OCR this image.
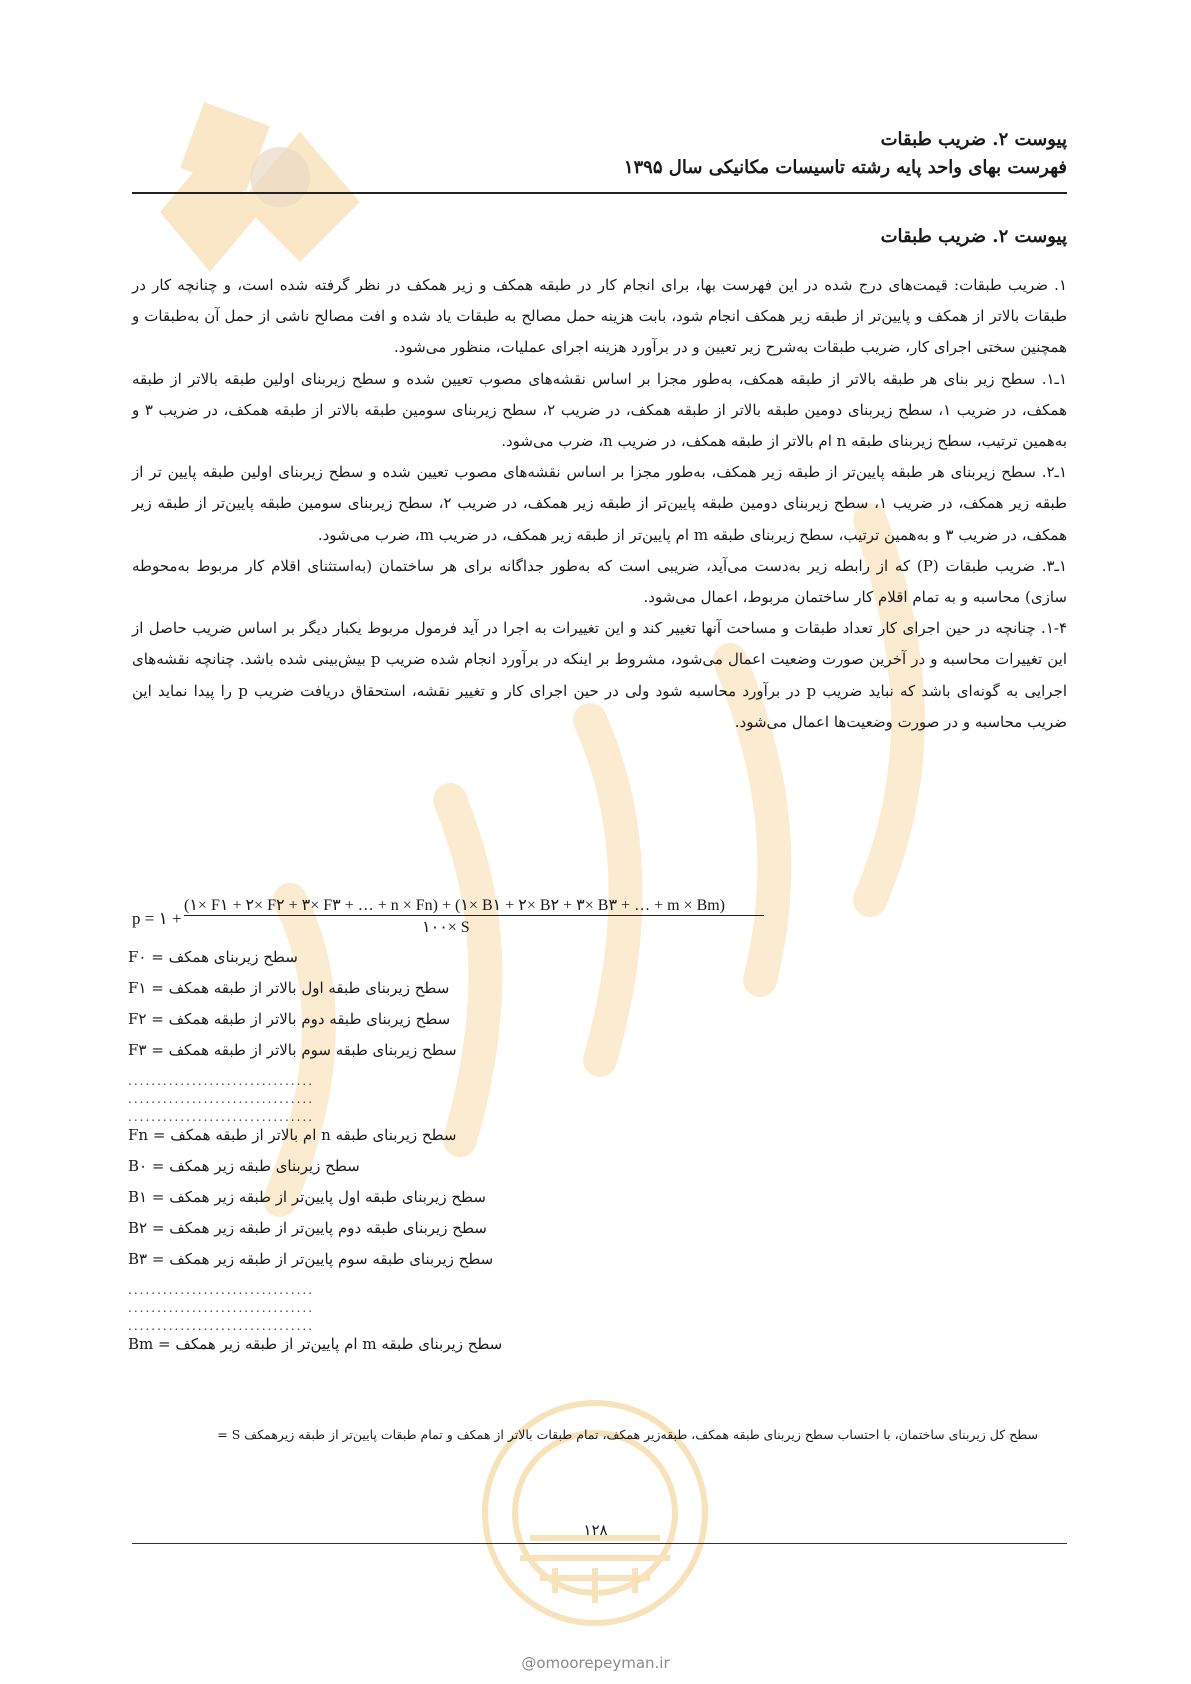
پیوست ۲. ضریب طبقات
فهرست بهای واحد پایه رشته تاسیسات مکانیکی سال ۱۳۹۵
پیوست ۲. ضریب طبقات

۱. ضریب طبقات: قیمت‌های درج شده در این فهرست بها، برای انجام کار در طبقه همکف و زیر همکف در نظر گرفته شده است، و چنانچه کار در طبقات بالاتر از همکف و پایین‌تر از طبقه زیر همکف انجام شود، بابت هزینه حمل مصالح به طبقات یاد شده و افت مصالح ناشی از حمل آن به‌طبقات و همچنین سختی اجرای کار، ضریب طبقات به‌شرح زیر تعیین و در برآورد هزینه اجرای عملیات، منظور می‌شود.

۱ـ۱. سطح زیر بنای هر طبقه بالاتر از طبقه همکف، به‌طور مجزا بر اساس نقشه‌های مصوب تعیین شده و سطح زیربنای اولین طبقه بالاتر از طبقه همکف، در ضریب ۱، سطح زیربنای دومین طبقه بالاتر از طبقه همکف، در ضریب ۲، سطح زیربنای سومین طبقه بالاتر از طبقه همکف، در ضریب ۳ و به‌همین ترتیب، سطح زیربنای طبقه n ام بالاتر از طبقه همکف، در ضریب n، ضرب می‌شود.

۱ـ۲. سطح زیربنای هر طبقه پایین‌تر از طبقه زیر همکف، به‌طور مجزا بر اساس نقشه‌های مصوب تعیین شده و سطح زیربنای اولین طبقه پایین تر از طبقه زیر همکف، در ضریب ۱، سطح زیربنای دومین طبقه پایین‌تر از طبقه زیر همکف، در ضریب ۲، سطح زیربنای سومین طبقه پایین‌تر از طبقه زیر همکف، در ضریب ۳ و به‌همین ترتیب، سطح زیربنای طبقه m ام پایین‌تر از طبقه زیر همکف، در ضریب m، ضرب می‌شود.

۱ـ۳. ضریب طبقات (P) که از رابطه زیر به‌دست می‌آید، ضریبی است که به‌طور جداگانه برای هر ساختمان (به‌استثنای اقلام کار مربوط به‌محوطه سازی) محاسبه و به تمام اقلام کار ساختمان مربوط، اعمال می‌شود.

۱-۴. چنانچه در حین اجرای کار تعداد طبقات و مساحت آنها تغییر کند و این تغییرات به اجرا در آید فرمول مربوط یکبار دیگر بر اساس ضریب حاصل از این تغییرات محاسبه و در آخرین صورت وضعیت اعمال می‌شود، مشروط بر اینکه در برآورد انجام شده ضریب p بیش‌بینی شده باشد. چنانچه نقشه‌های اجرایی به گونه‌ای باشد که نباید ضریب p در برآورد محاسبه شود ولی در حین اجرای کار و تغییر نقشه، استحقاق دریافت ضریب p را پیدا نماید این ضریب محاسبه و در صورت وضعیت‌ها اعمال می‌شود.

p = ۱ +
(۱× F۱ + ۲× F۲ + ۳× F۳ + … + n × Fn) + (۱× B۱ + ۲× B۲ + ۳× B۳ + … + m × Bm)
۱۰۰× S
F۰ = سطح زیربنای همکف
F۱ = سطح زیربنای طبقه اول بالاتر از طبقه همکف
F۲ = سطح زیربنای طبقه دوم بالاتر از طبقه همکف
F۳ = سطح زیربنای طبقه سوم بالاتر از طبقه همکف
................................
................................
................................
Fn = سطح زیربنای طبقه n ام بالاتر از طبقه همکف
B۰ = سطح زیربنای طبقه زیر همکف
B۱ = سطح زیربنای طبقه اول پایین‌تر از طبقه زیر همکف
B۲ = سطح زیربنای طبقه دوم پایین‌تر از طبقه زیر همکف
B۳ = سطح زیربنای طبقه سوم پایین‌تر از طبقه زیر همکف
................................
................................
................................
Bm = سطح زیربنای طبقه m ام پایین‌تر از طبقه زیر همکف
سطح کل زیربنای ساختمان، با احتساب سطح زیربنای طبقه همکف، طبقه‌زیر همکف، تمام طبقات بالاتر از همکف و تمام طبقات پایین‌تر از طبقه زیرهمکف S =
۱۲۸
@omoorepeyman.ir
